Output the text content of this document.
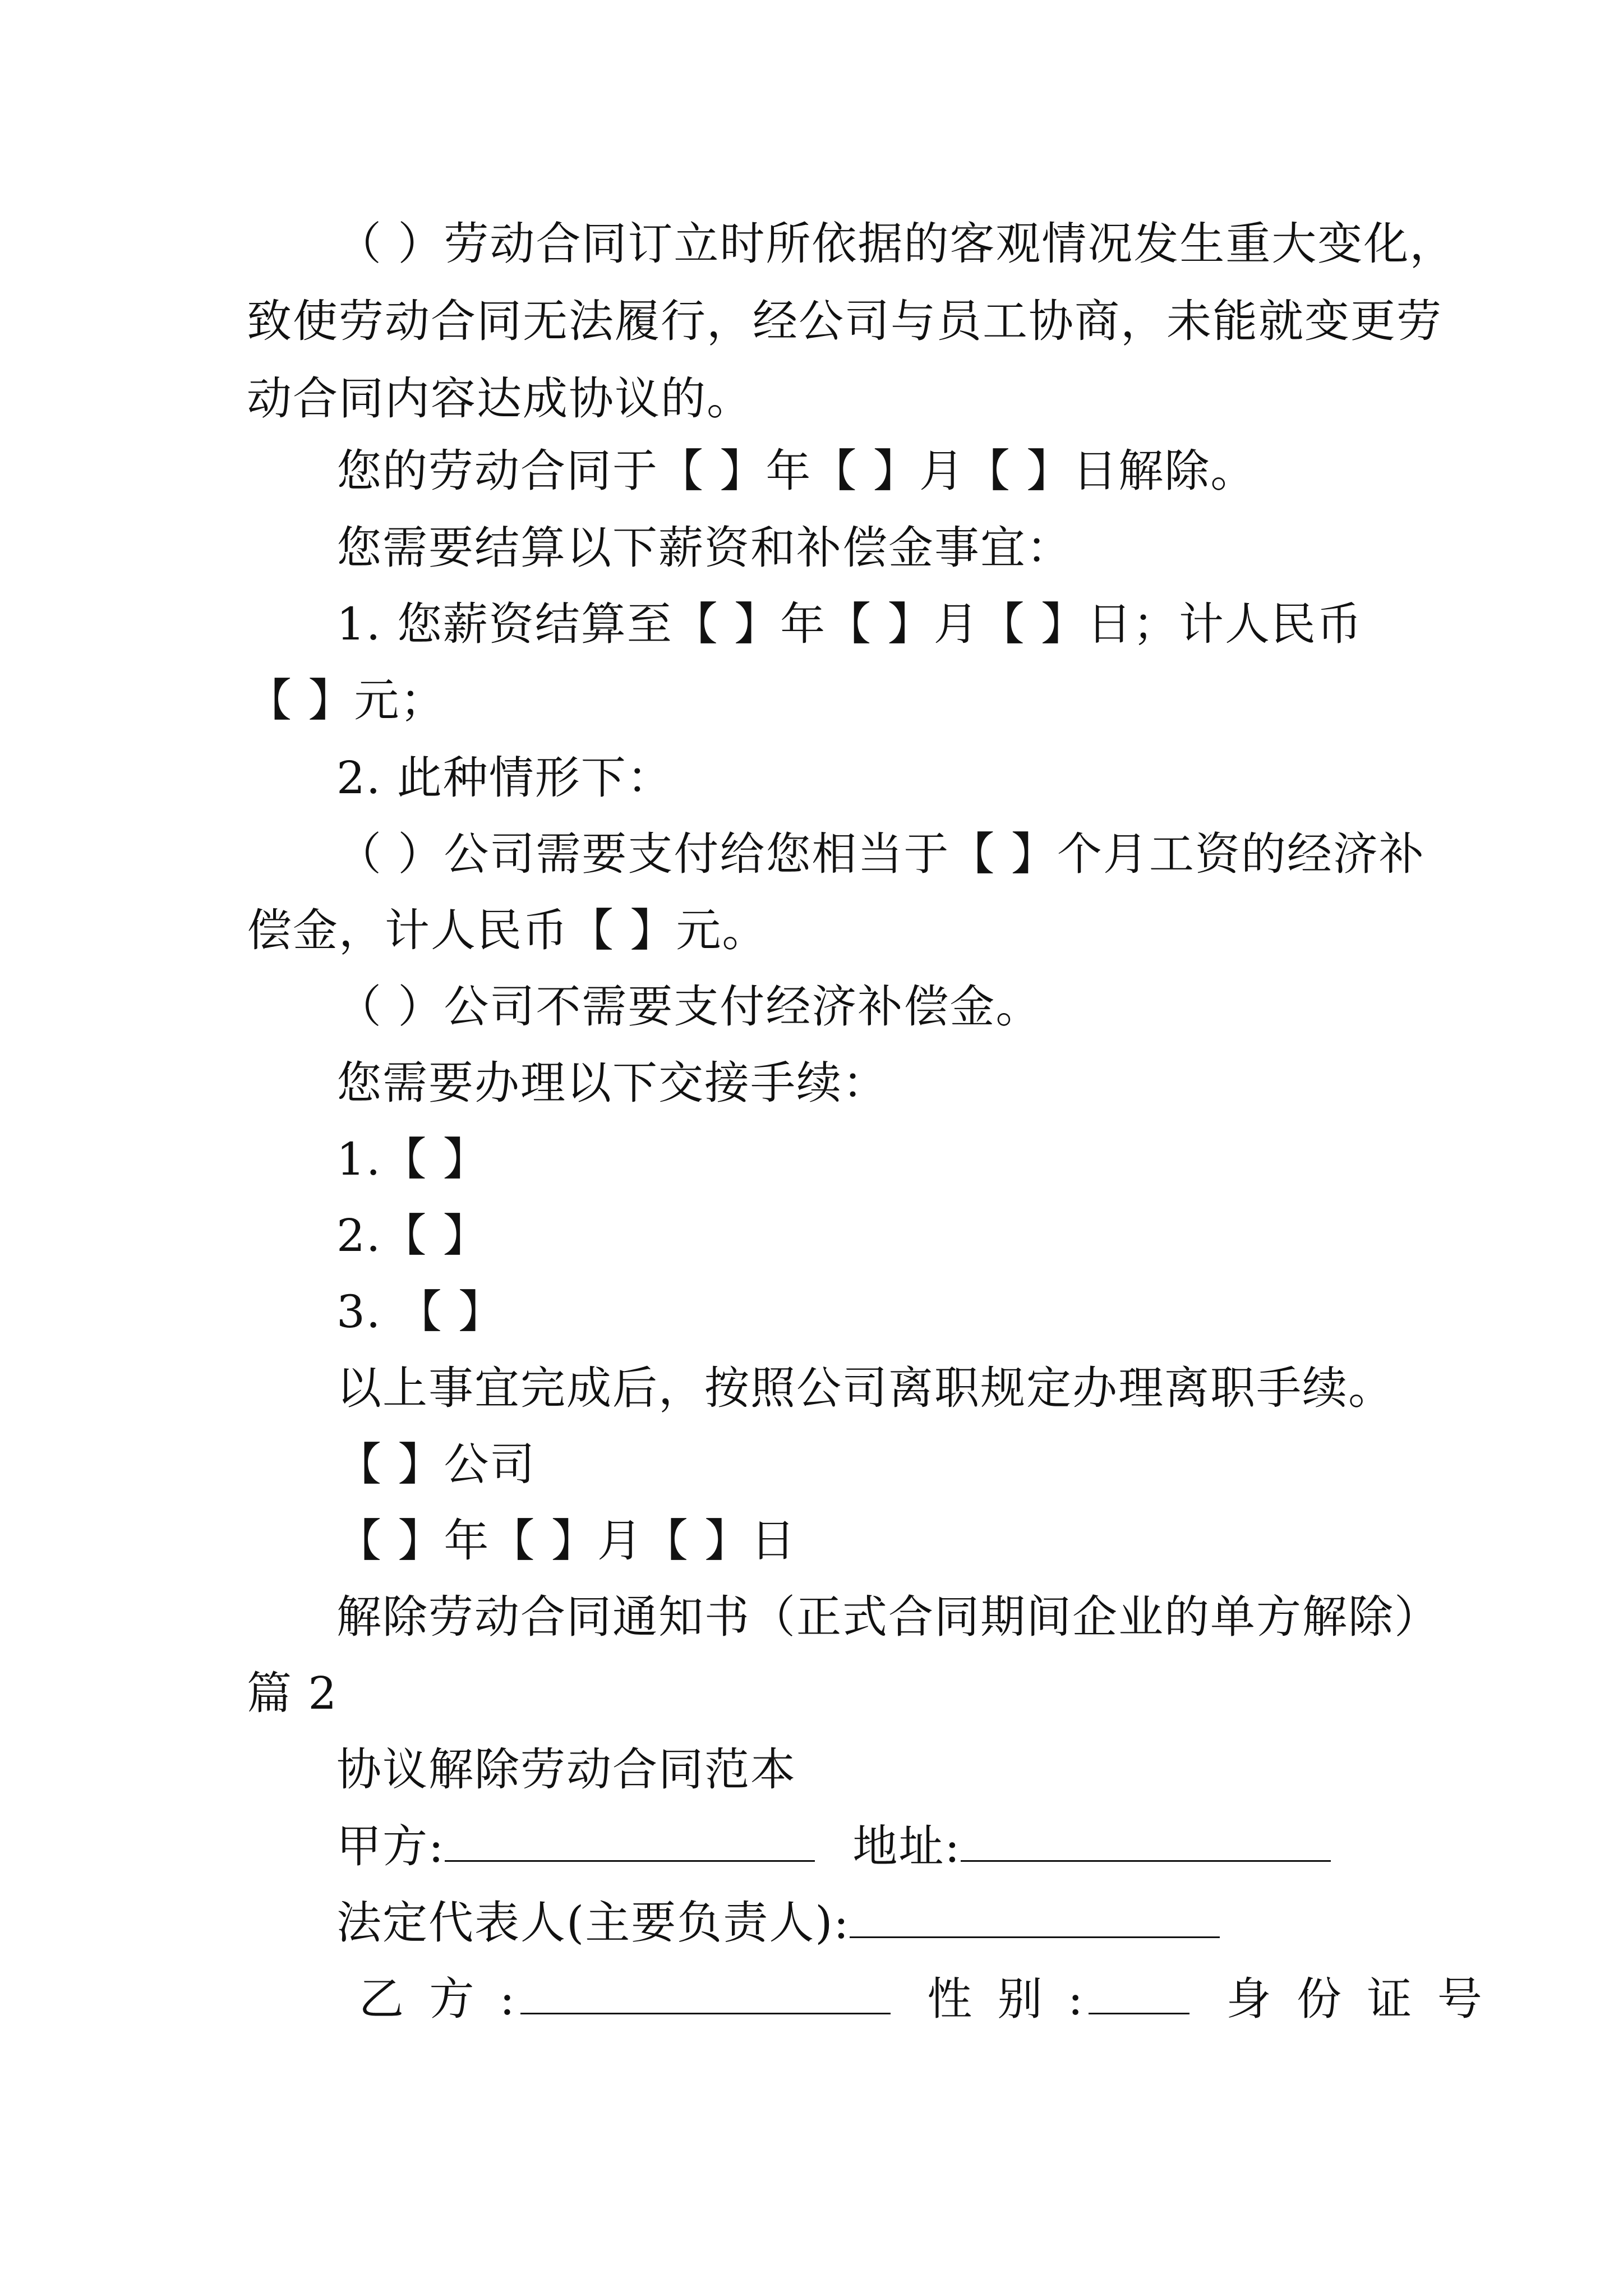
（ ）劳动合同订立时所依据的客观情况发生重大变化，
致使劳动合同无法履行，经公司与员工协商，未能就变更劳
动合同内容达成协议的。
您的劳动合同于【 】年【 】月【 】日解除。
您需要结算以下薪资和补偿金事宜：
1. 您薪资结算至【 】年【 】月【 】日；计人民币
【 】元；
2. 此种情形下：
（ ）公司需要支付给您相当于【 】个月工资的经济补
偿金，计人民币【 】元。
（ ）公司不需要支付经济补偿金。
您需要办理以下交接手续：
1.【 】
2.【 】
3. 【 】
以上事宜完成后，按照公司离职规定办理离职手续。
【 】公司
【 】年【 】月【 】日
解除劳动合同通知书（正式合同期间企业的单方解除）
篇 2
协议解除劳动合同范本
甲方:	地址:
法定代表人(主要负责人):
乙 方 :	性 别 :	身 份 证 号
